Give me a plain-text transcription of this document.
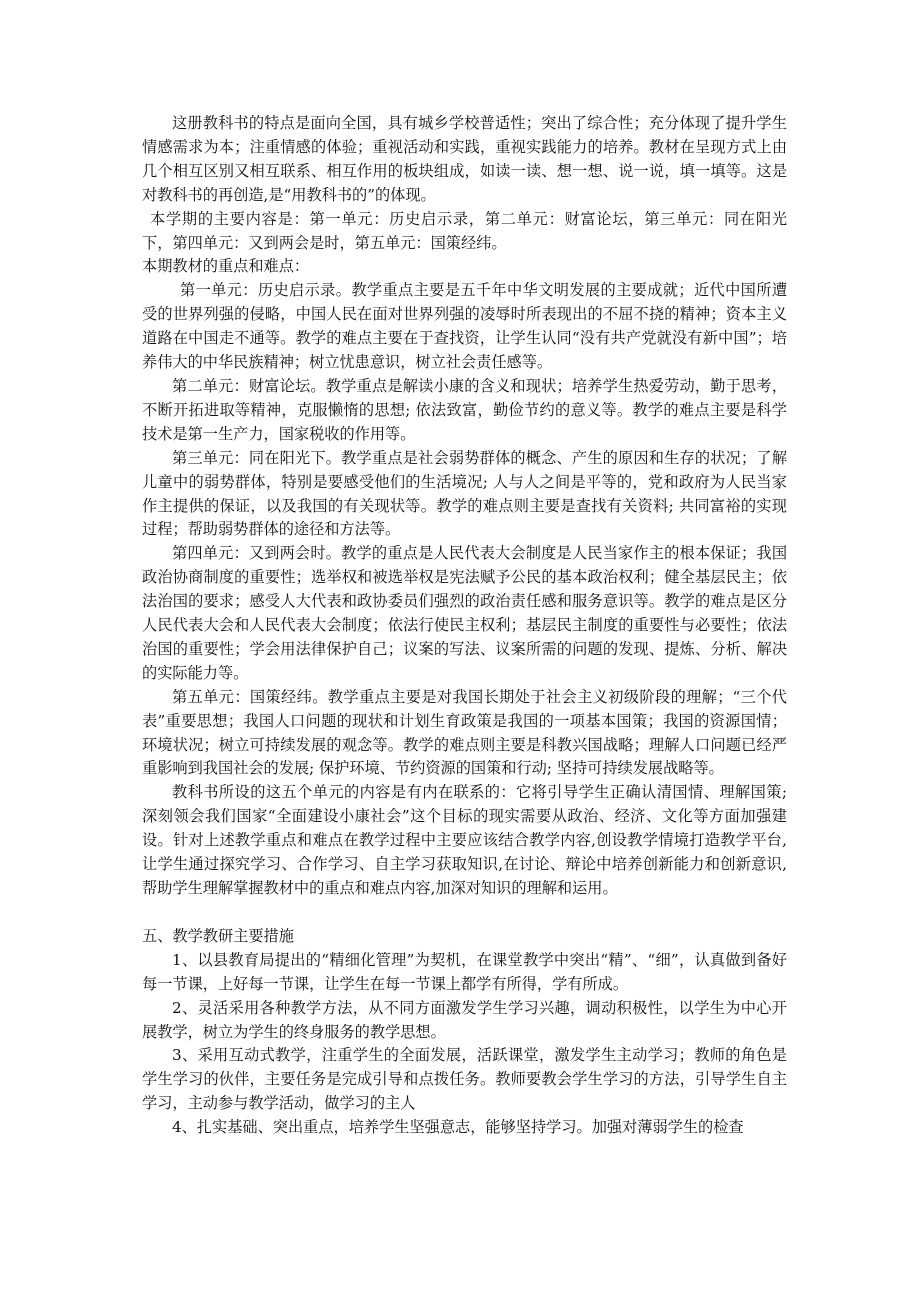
这册教科书的特点是面向全国，具有城乡学校普适性；突出了综合性；充分体现了提升学生情感需求为本；注重情感的体验；重视活动和实践，重视实践能力的培养。教材在呈现方式上由几个相互区别又相互联系、相互作用的板块组成，如读一读、想一想、说一说，填一填等。这是对教科书的再创造,是“用教科书的”的体现。

本学期的主要内容是：第一单元：历史启示录，第二单元：财富论坛，第三单元：同在阳光下，第四单元：又到两会是时，第五单元：国策经纬。

本期教材的重点和难点：

第一单元：历史启示录。教学重点主要是五千年中华文明发展的主要成就；近代中国所遭受的世界列强的侵略，中国人民在面对世界列强的凌辱时所表现出的不屈不挠的精神；资本主义道路在中国走不通等。教学的难点主要在于查找资，让学生认同“没有共产党就没有新中国”；培养伟大的中华民族精神；树立忧患意识，树立社会责任感等。

第二单元：财富论坛。教学重点是解读小康的含义和现状；培养学生热爱劳动，勤于思考，不断开拓进取等精神，克服懒惰的思想; 依法致富，勤俭节约的意义等。教学的难点主要是科学技术是第一生产力，国家税收的作用等。

第三单元：同在阳光下。教学重点是社会弱势群体的概念、产生的原因和生存的状况；了解儿童中的弱势群体，特别是要感受他们的生活境况; 人与人之间是平等的，党和政府为人民当家作主提供的保证，以及我国的有关现状等。教学的难点则主要是查找有关资料; 共同富裕的实现过程；帮助弱势群体的途径和方法等。

第四单元：又到两会时。教学的重点是人民代表大会制度是人民当家作主的根本保证；我国政治协商制度的重要性；选举权和被选举权是宪法赋予公民的基本政治权利；健全基层民主；依法治国的要求；感受人大代表和政协委员们强烈的政治责任感和服务意识等。教学的难点是区分人民代表大会和人民代表大会制度；依法行使民主权利；基层民主制度的重要性与必要性；依法治国的重要性；学会用法律保护自己；议案的写法、议案所需的问题的发现、提炼、分析、解决的实际能力等。

第五单元：国策经纬。教学重点主要是对我国长期处于社会主义初级阶段的理解；“三个代表”重要思想；我国人口问题的现状和计划生育政策是我国的一项基本国策；我国的资源国情；环境状况；树立可持续发展的观念等。教学的难点则主要是科教兴国战略；理解人口问题已经严重影响到我国社会的发展; 保护环境、节约资源的国策和行动; 坚持可持续发展战略等。

教科书所设的这五个单元的内容是有内在联系的：它将引导学生正确认清国情、理解国策; 深刻领会我们国家“全面建设小康社会”这个目标的现实需要从政治、经济、文化等方面加强建设。针对上述教学重点和难点在教学过程中主要应该结合教学内容,创设教学情境打造教学平台,让学生通过探究学习、合作学习、自主学习获取知识,在讨论、辩论中培养创新能力和创新意识,帮助学生理解掌握教材中的重点和难点内容,加深对知识的理解和运用。

五、教学教研主要措施

1、以县教育局提出的“精细化管理”为契机，在课堂教学中突出“精”、“细”，认真做到备好每一节课，上好每一节课，让学生在每一节课上都学有所得，学有所成。

2、灵活采用各种教学方法，从不同方面激发学生学习兴趣，调动积极性，以学生为中心开展教学，树立为学生的终身服务的教学思想。

3、采用互动式教学，注重学生的全面发展，活跃课堂，激发学生主动学习；教师的角色是学生学习的伙伴，主要任务是完成引导和点拨任务。教师要教会学生学习的方法，引导学生自主学习，主动参与教学活动，做学习的主人

4、扎实基础、突出重点，培养学生坚强意志，能够坚持学习。加强对薄弱学生的检查
